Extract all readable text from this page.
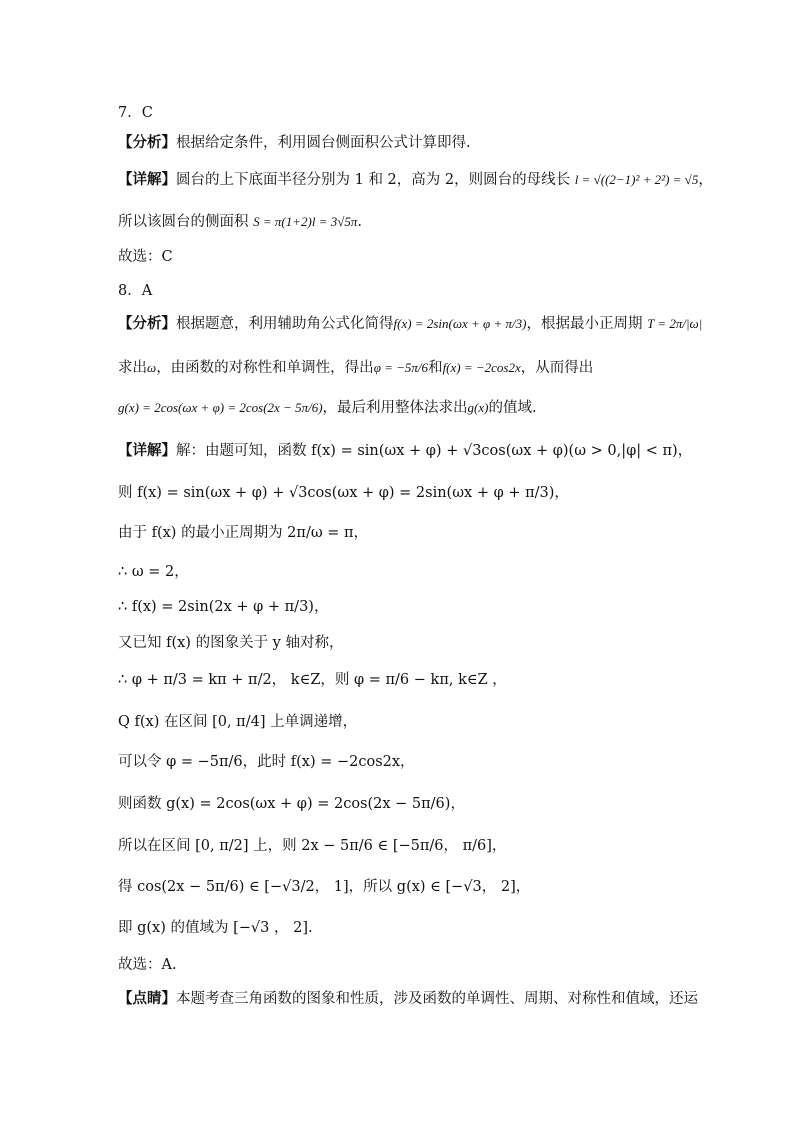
7．C
【分析】根据给定条件，利用圆台侧面积公式计算即得.
【详解】圆台的上下底面半径分别为 1 和 2，高为 2，则圆台的母线长 l = √((2−1)² + 2²) = √5，
所以该圆台的侧面积 S = π(1+2)l = 3√5π.
故选：C
8．A
【分析】根据题意，利用辅助角公式化简得f(x) = 2sin(ωx + φ + π/3)，根据最小正周期 T = 2π/|ω|
求出ω，由函数的对称性和单调性，得出φ = −5π/6和f(x) = −2cos2x，从而得出
g(x) = 2cos(ωx + φ) = 2cos(2x − 5π/6)，最后利用整体法求出g(x)的值域.
【详解】解：由题可知，函数 f(x) = sin(ωx + φ) + √3cos(ωx + φ)(ω > 0,|φ| < π)，
则 f(x) = sin(ωx + φ) + √3cos(ωx + φ) = 2sin(ωx + φ + π/3)，
由于 f(x) 的最小正周期为 2π/ω = π，
∴ ω = 2，
∴ f(x) = 2sin(2x + φ + π/3)，
又已知 f(x) 的图象关于 y 轴对称，
∴ φ + π/3 = kπ + π/2， k∈Z，则 φ = π/6 − kπ, k∈Z ，
Q f(x) 在区间 [0, π/4] 上单调递增，
可以令 φ = −5π/6，此时 f(x) = −2cos2x，
则函数 g(x) = 2cos(ωx + φ) = 2cos(2x − 5π/6)，
所以在区间 [0, π/2] 上，则 2x − 5π/6 ∈ [−5π/6， π/6]，
得 cos(2x − 5π/6) ∈ [−√3/2， 1]，所以 g(x) ∈ [−√3， 2]，
即 g(x) 的值域为 [−√3 ， 2].
故选：A.
【点睛】本题考查三角函数的图象和性质，涉及函数的单调性、周期、对称性和值域，还运
